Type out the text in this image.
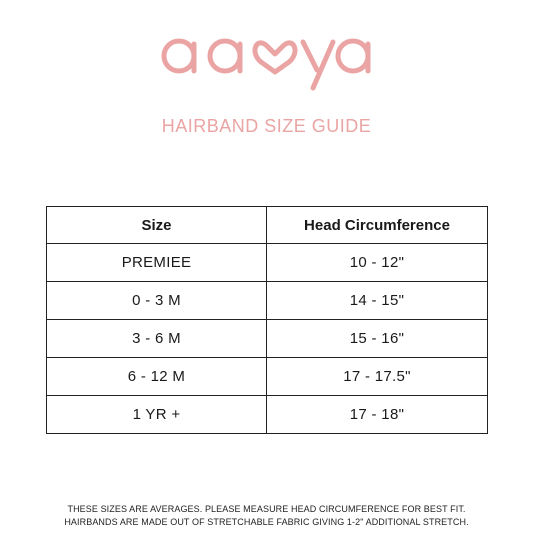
HAIRBAND SIZE GUIDE
Size	Head Circumference
PREMIEE	10 - 12"
0 - 3 M	14 - 15"
3 - 6 M	15 - 16"
6 - 12 M	17 - 17.5"
1 YR +	17 - 18"
THESE SIZES ARE AVERAGES. PLEASE MEASURE HEAD CIRCUMFERENCE FOR BEST FIT.
HAIRBANDS ARE MADE OUT OF STRETCHABLE FABRIC GIVING 1-2" ADDITIONAL STRETCH.
